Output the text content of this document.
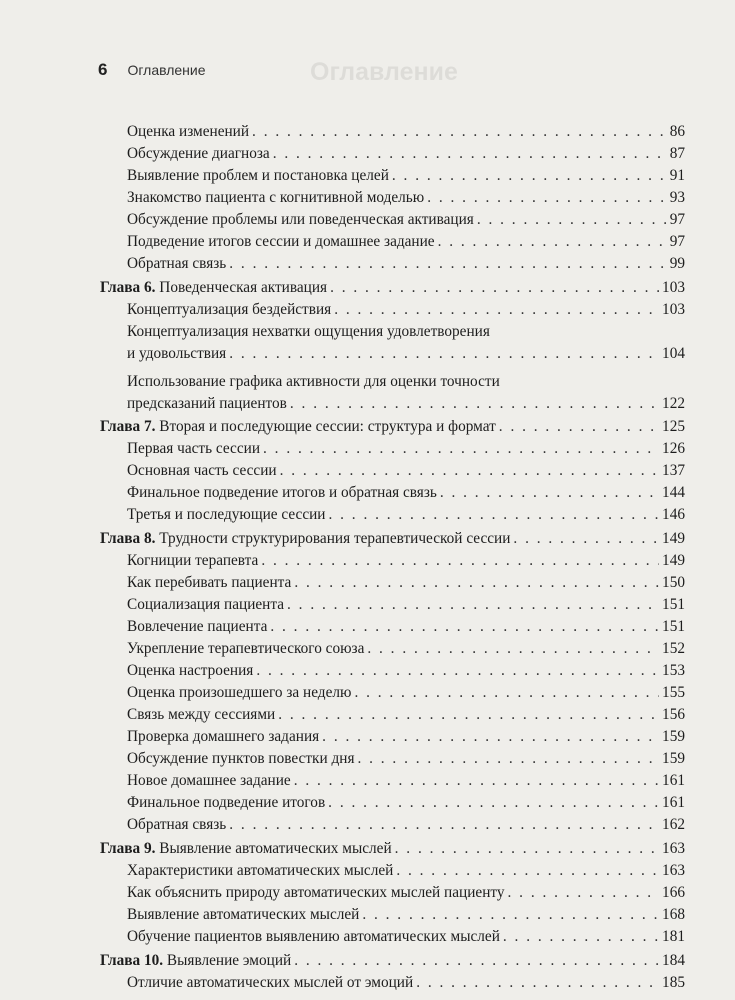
6 Оглавление	Оглавление
Оценка изменений . . .	86
Обсуждение диагноза . . .	87
Выявление проблем и постановка целей . . .	91
Знакомство пациента с когнитивной моделью . . .	93
Обсуждение проблемы или поведенческая активация . . .	97
Подведение итогов сессии и домашнее задание . . .	97
Обратная связь . . .	99
Глава 6. Поведенческая активация . . .	103
Концептуализация бездействия . . .	103
Концептуализация нехватки ощущения удовлетворения
и удовольствия . . .	104
Использование графика активности для оценки точности
предсказаний пациентов . . .	122
Глава 7. Вторая и последующие сессии: структура и формат . . .	125
Первая часть сессии . . .	126
Основная часть сессии . . .	137
Финальное подведение итогов и обратная связь . . .	144
Третья и последующие сессии . . .	146
Глава 8. Трудности структурирования терапевтической сессии . . .	149
Когниции терапевта . . .	149
Как перебивать пациента . . .	150
Социализация пациента . . .	151
Вовлечение пациента . . .	151
Укрепление терапевтического союза . . .	152
Оценка настроения . . .	153
Оценка произошедшего за неделю . . .	155
Связь между сессиями . . .	156
Проверка домашнего задания . . .	159
Обсуждение пунктов повестки дня . . .	159
Новое домашнее задание . . .	161
Финальное подведение итогов . . .	161
Обратная связь . . .	162
Глава 9. Выявление автоматических мыслей . . .	163
Характеристики автоматических мыслей . . .	163
Как объяснить природу автоматических мыслей пациенту . . .	166
Выявление автоматических мыслей . . .	168
Обучение пациентов выявлению автоматических мыслей . . .	181
Глава 10. Выявление эмоций . . .	184
Отличие автоматических мыслей от эмоций . . .	185
